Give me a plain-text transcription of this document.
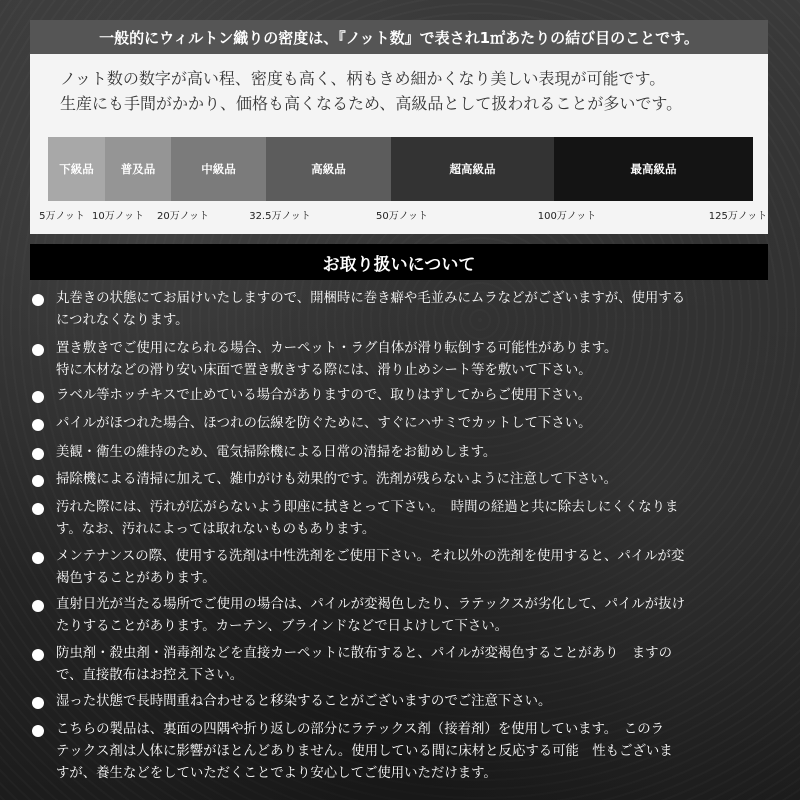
一般的にウィルトン織りの密度は、『ノット数』で表され1㎡あたりの結び目のことです。
ノット数の数字が高い程、密度も高く、柄もきめ細かくなり美しい表現が可能です。
生産にも手間がかかり、価格も高くなるため、高級品として扱われることが多いです。
下級品	普及品	中級品	高級品	超高級品	最高級品
5万ノット 10万ノット 20万ノット	32.5万ノット	50万ノット	100万ノット	125万ノット
お取り扱いについて
丸巻きの状態にてお届けいたしますので、開梱時に巻き癖や毛並みにムラなどがございますが、使用する
につれなくなります。
置き敷きでご使用になられる場合、カーペット・ラグ自体が滑り転倒する可能性があります。
特に木材などの滑り安い床面で置き敷きする際には、滑り止めシート等を敷いて下さい。
ラベル等ホッチキスで止めている場合がありますので、取りはずしてからご使用下さい。
パイルがほつれた場合、ほつれの伝線を防ぐために、すぐにハサミでカットして下さい。
美観・衛生の維持のため、電気掃除機による日常の清掃をお勧めします。
掃除機による清掃に加えて、雑巾がけも効果的です。洗剤が残らないように注意して下さい。
汚れた際には、汚れが広がらないよう即座に拭きとって下さい。　時間の経過と共に除去しにくくなりま
す。なお、汚れによっては取れないものもあります。
メンテナンスの際、使用する洗剤は中性洗剤をご使用下さい。それ以外の洗剤を使用すると、パイルが変
褐色することがあります。
直射日光が当たる場所でご使用の場合は、パイルが変褐色したり、ラテックスが劣化して、パイルが抜け
たりすることがあります。カーテン、ブラインドなどで日よけして下さい。
防虫剤・殺虫剤・消毒剤などを直接カーペットに散布すると、パイルが変褐色することがあり　ますの
で、直接散布はお控え下さい。
湿った状態で長時間重ね合わせると移染することがございますのでご注意下さい。
こちらの製品は、裏面の四隅や折り返しの部分にラテックス剤（接着剤）を使用しています。　このラ
テックス剤は人体に影響がほとんどありません。使用している間に床材と反応する可能　性もございま
すが、養生などをしていただくことでより安心してご使用いただけます。
